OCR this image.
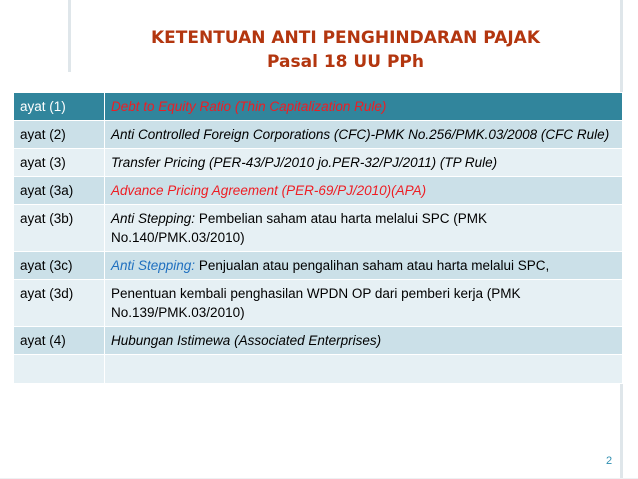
KETENTUAN ANTI PENGHINDARAN PAJAK
Pasal 18 UU PPh
ayat (1)	Debt to Equity Ratio (Thin Capitalization Rule)
ayat (2)	Anti Controlled Foreign Corporations (CFC)-PMK No.256/PMK.03/2008 (CFC Rule)
ayat (3)	Transfer Pricing (PER-43/PJ/2010 jo.PER-32/PJ/2011) (TP Rule)
ayat (3a)	Advance Pricing Agreement (PER-69/PJ/2010)(APA)
ayat (3b)	Anti Stepping: Pembelian saham atau harta melalui SPC (PMK No.140/PMK.03/2010)
ayat (3c)	Anti Stepping: Penjualan atau pengalihan saham atau harta melalui SPC,
ayat (3d)	Penentuan kembali penghasilan WPDN OP dari pemberi kerja (PMK No.139/PMK.03/2010)
ayat (4)	Hubungan Istimewa (Associated Enterprises)

2
